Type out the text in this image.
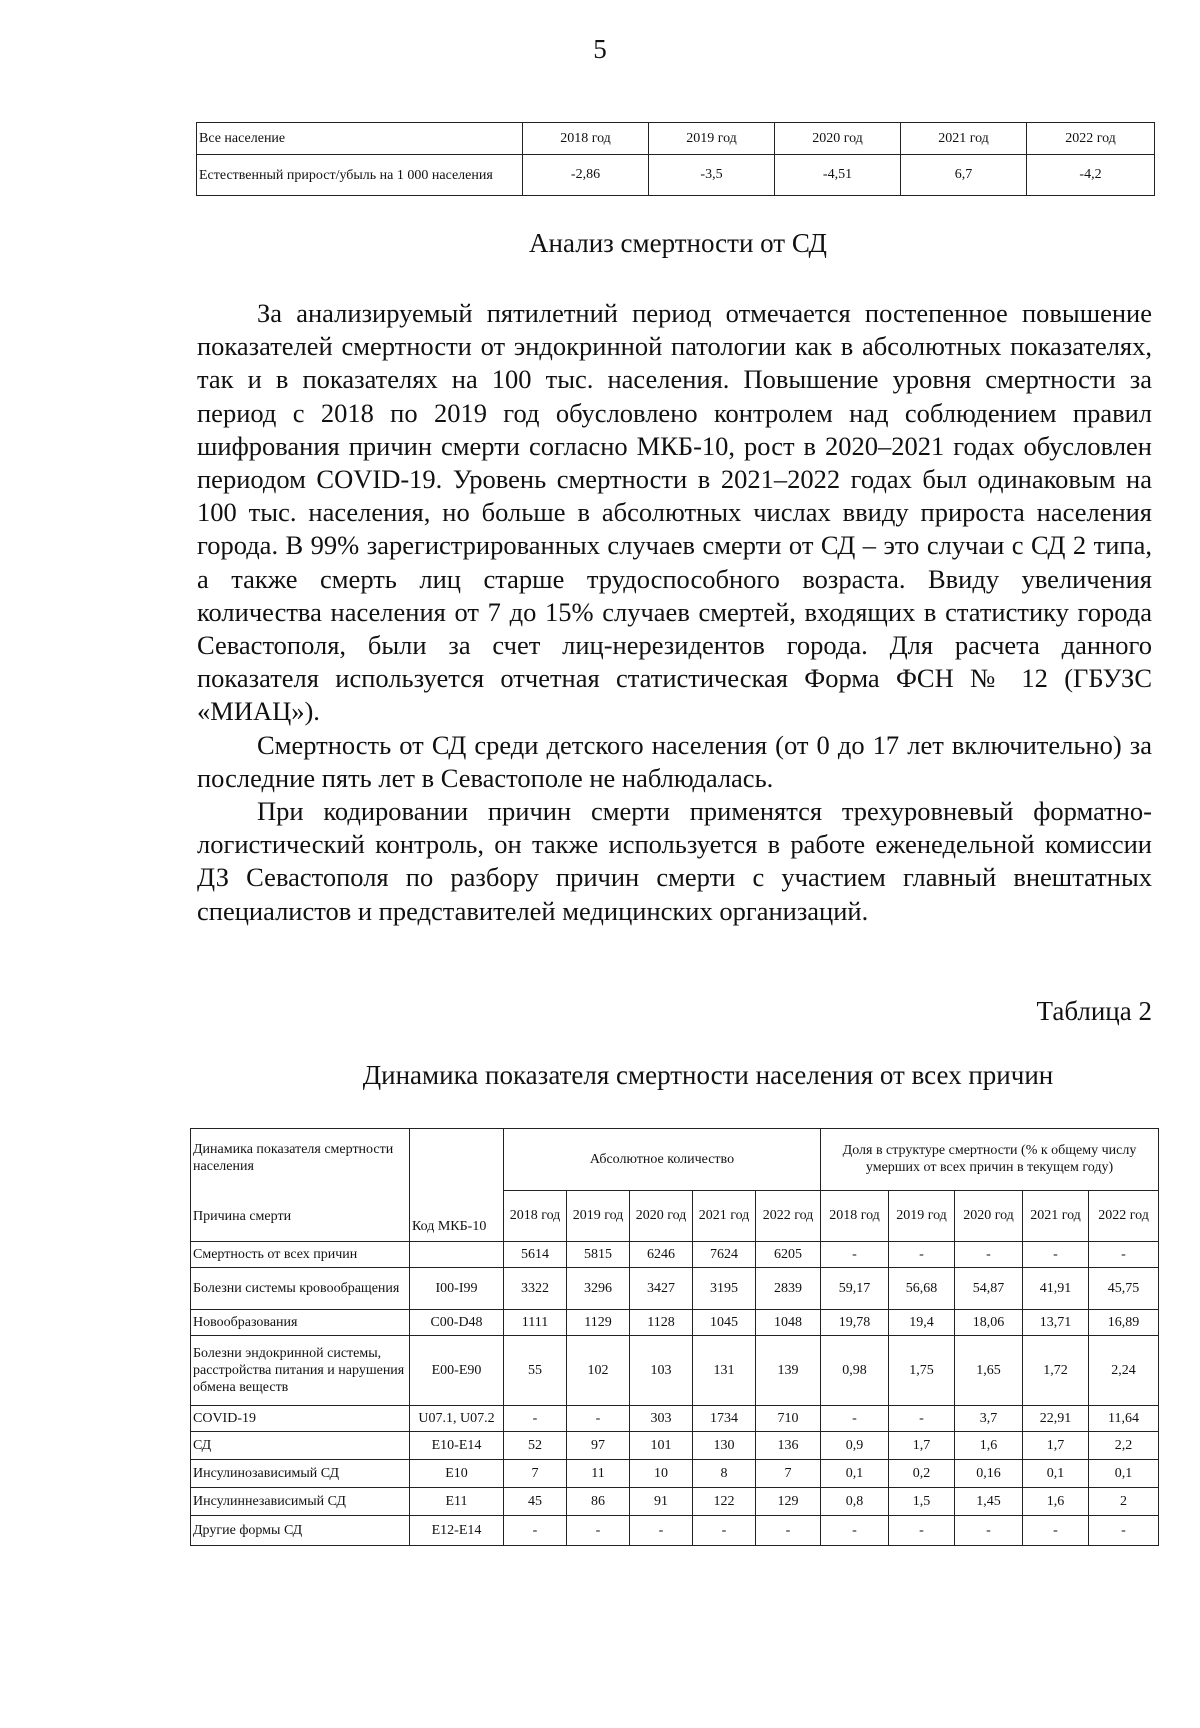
5
Все население	2018 год	2019 год	2020 год	2021 год	2022 год
Естественный прирост/убыль на 1 000 населения	-2,86	-3,5	-4,51	6,7	-4,2
Анализ смертности от СД

За анализируемый пятилетний период отмечается постепенное повышение показателей смертности от эндокринной патологии как в абсолютных показателях, так и в показателях на 100 тыс. населения. Повышение уровня смертности за период с 2018 по 2019 год обусловлено контролем над соблюдением правил шифрования причин смерти согласно МКБ-10, рост в 2020–2021 годах обусловлен периодом COVID-19. Уровень смертности в 2021–2022 годах был одинаковым на 100 тыс. населения, но больше в абсолютных числах ввиду прироста населения города. В 99% зарегистрированных случаев смерти от СД – это случаи с СД 2 типа, а также смерть лиц старше трудоспособного возраста. Ввиду увеличения количества населения от 7 до 15% случаев смертей, входящих в статистику города Севастополя, были за счет лиц-нерезидентов города. Для расчета данного показателя используется отчетная статистическая Форма ФСН № 12 (ГБУЗС «МИАЦ»).

Смертность от СД среди детского населения (от 0 до 17 лет включительно) за последние пять лет в Севастополе не наблюдалась.

При кодировании причин смерти применятся трехуровневый форматно-логистический контроль, он также используется в работе еженедельной комиссии ДЗ Севастополя по разбору причин смерти с участием главный внештатных специалистов и представителей медицинских организаций.

Таблица 2
Динамика показателя смертности населения от всех причин
Динамика показателя смертности населения
Причина смерти	Код МКБ-10	Абсолютное количество					Доля в структуре смертности (% к общему числу умерших от всех причин в текущем году)				
		2018 год	2019 год	2020 год	2021 год	2022 год	2018 год	2019 год	2020 год	2021 год	2022 год
Смертность от всех причин		5614	5815	6246	7624	6205	-	-	-	-	-
Болезни системы кровообращения	I00-I99	3322	3296	3427	3195	2839	59,17	56,68	54,87	41,91	45,75
Новообразования	C00-D48	1111	1129	1128	1045	1048	19,78	19,4	18,06	13,71	16,89
Болезни эндокринной системы, расстройства питания и нарушения обмена веществ	E00-E90	55	102	103	131	139	0,98	1,75	1,65	1,72	2,24
COVID-19	U07.1, U07.2	-	-	303	1734	710	-	-	3,7	22,91	11,64
СД	E10-E14	52	97	101	130	136	0,9	1,7	1,6	1,7	2,2
Инсулинозависимый СД	E10	7	11	10	8	7	0,1	0,2	0,16	0,1	0,1
Инсулиннезависимый СД	E11	45	86	91	122	129	0,8	1,5	1,45	1,6	2
Другие формы СД	E12-E14	-	-	-	-	-	-	-	-	-	-
